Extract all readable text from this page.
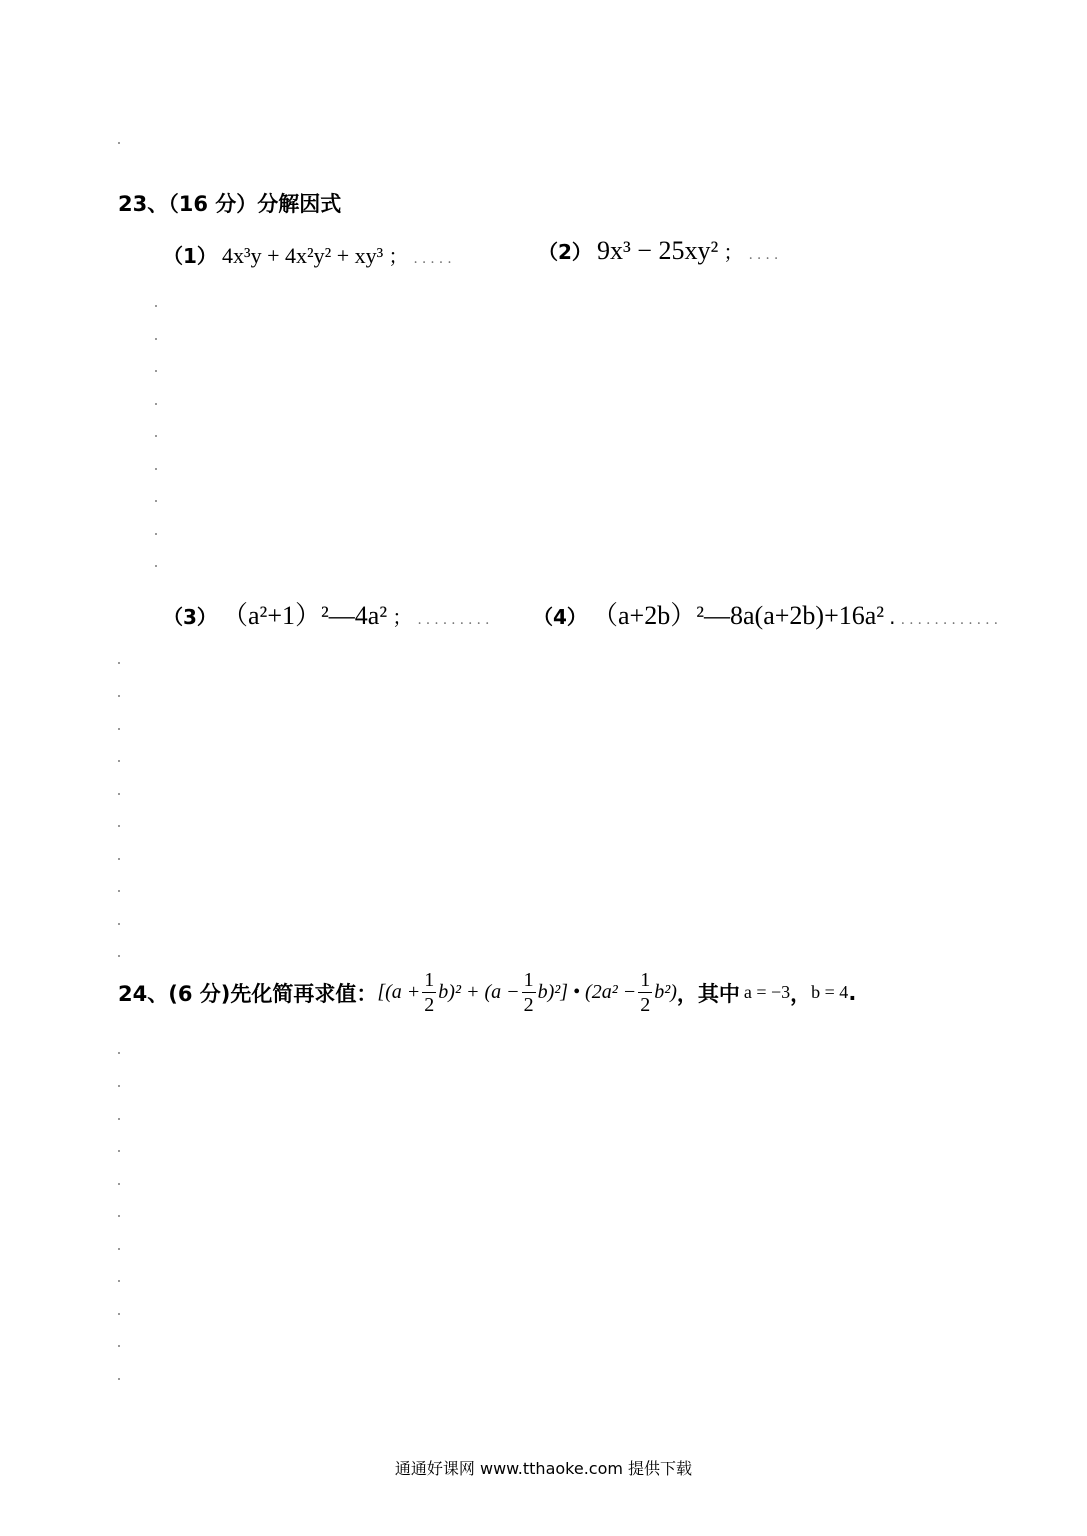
23、（16 分）分解因式
（1） 4x³y + 4x²y² + xy³ ； .....	（2） 9x³ − 25xy² ； ....
（3） （a²+1）²—4a² ； ......... （4） （a+2b）²—8a(a+2b)+16a² . ............
24、(6 分)先化简再求值： $[(a + \frac{1}{2} b)^2 + (a - \frac{1}{2} b)^2]$ • $(2a^2 - \frac{1}{2} b^2)$ ，其中 a = −3 ， b = 4 .
通通好课网 www.tthaoke.com 提供下载
